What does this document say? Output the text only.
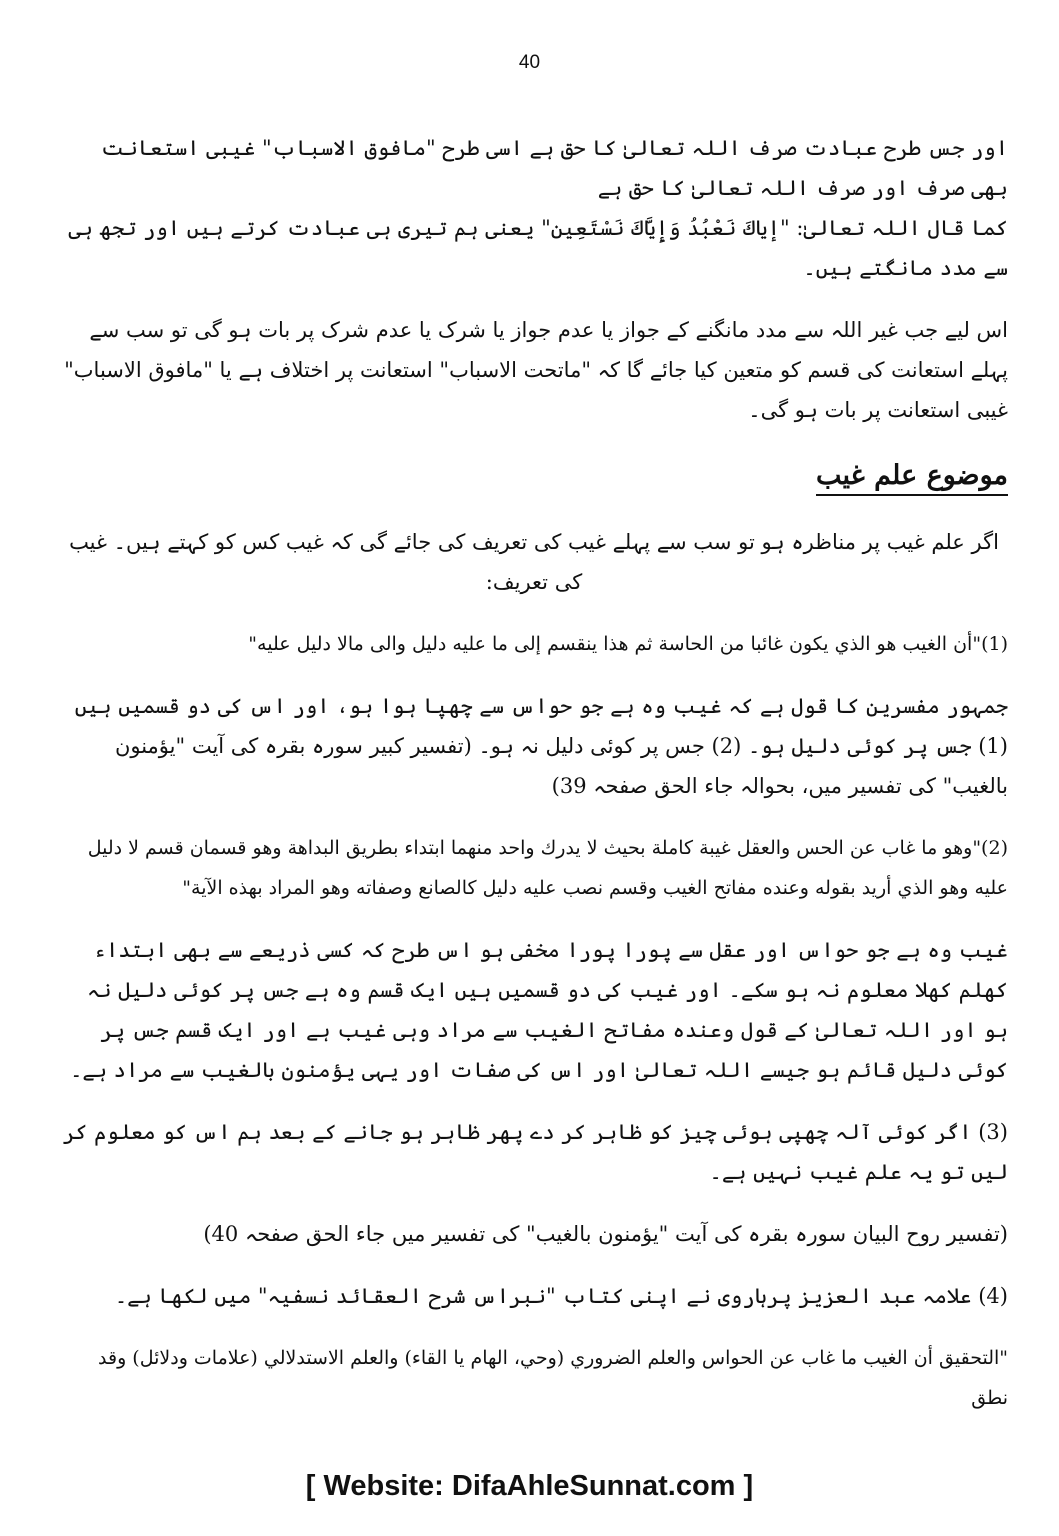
40

اور جس طرح عبادت صرف اللہ تعالیٰ کا حق ہے اسی طرح "مافوق الاسباب" غیبی استعانت بھی صرف اور صرف اللہ تعالیٰ کا حق ہے

کما قال اللہ تعالیٰ: "إياكَ نَعْبُدُ وَإِيَّاكَ نَسْتَعِين" یعنی ہم تیری ہی عبادت کرتے ہیں اور تجھ ہی سے مدد مانگتے ہیں۔

اس لیے جب غیر اللہ سے مدد مانگنے کے جواز یا عدم جواز یا شرک یا عدم شرک پر بات ہو گی تو سب سے پہلے استعانت کی قسم کو متعین کیا جائے گا کہ "ماتحت الاسباب" استعانت پر اختلاف ہے یا "مافوق الاسباب" غیبی استعانت پر بات ہو گی۔

موضوع علم غیب

اگر علم غیب پر مناظرہ ہو تو سب سے پہلے غیب کی تعریف کی جائے گی کہ غیب کس کو کہتے ہیں۔ غیب کی تعریف:

(1)"أن الغيب هو الذي يكون غائبا من الحاسة ثم هذا ينقسم إلى ما عليه دليل والى مالا دليل عليه"

جمہور مفسرین کا قول ہے کہ غیب وہ ہے جو حواس سے چھپا ہوا ہو، اور اس کی دو قسمیں ہیں (1) جس پر کوئی دلیل ہو۔ (2) جس پر کوئی دلیل نہ ہو۔ (تفسیر کبیر سورہ بقرہ کی آیت "یؤمنون بالغیب" کی تفسیر میں، بحوالہ جاء الحق صفحہ 39)

(2)"وهو ما غاب عن الحس والعقل غيبة كاملة بحيث لا يدرك واحد منهما ابتداء بطريق البداهة وهو قسمان قسم لا دليل عليه وهو الذي أريد بقوله وعنده مفاتح الغيب وقسم نصب عليه دليل كالصانع وصفاته وهو المراد بهذه الآية"

غیب وہ ہے جو حواس اور عقل سے پورا پورا مخفی ہو اس طرح کہ کسی ذریعے سے بھی ابتداء کھلم کھلا معلوم نہ ہو سکے۔ اور غیب کی دو قسمیں ہیں ایک قسم وہ ہے جس پر کوئی دلیل نہ ہو اور اللہ تعالیٰ کے قول وعندہ مفاتح الغیب سے مراد وہی غیب ہے اور ایک قسم جس پر کوئی دلیل قائم ہو جیسے اللہ تعالیٰ اور اس کی صفات اور یہی یؤمنون بالغیب سے مراد ہے۔

(3) اگر کوئی آلہ چھپی ہوئی چیز کو ظاہر کر دے پھر ظاہر ہو جانے کے بعد ہم اس کو معلوم کر لیں تو یہ علم غیب نہیں ہے۔

(تفسیر روح البیان سورہ بقرہ کی آیت "یؤمنون بالغیب" کی تفسیر میں جاء الحق صفحہ 40)

(4) علامہ عبد العزیز پرہاروی نے اپنی کتاب "نبراس شرح العقائد نسفیہ" میں لکھا ہے۔

"التحقيق أن الغيب ما غاب عن الحواس والعلم الضروري (وحي، الهام يا القاء) والعلم الاستدلالي (علامات ودلائل) وقد نطق

[ Website: DifaAhleSunnat.com ]
